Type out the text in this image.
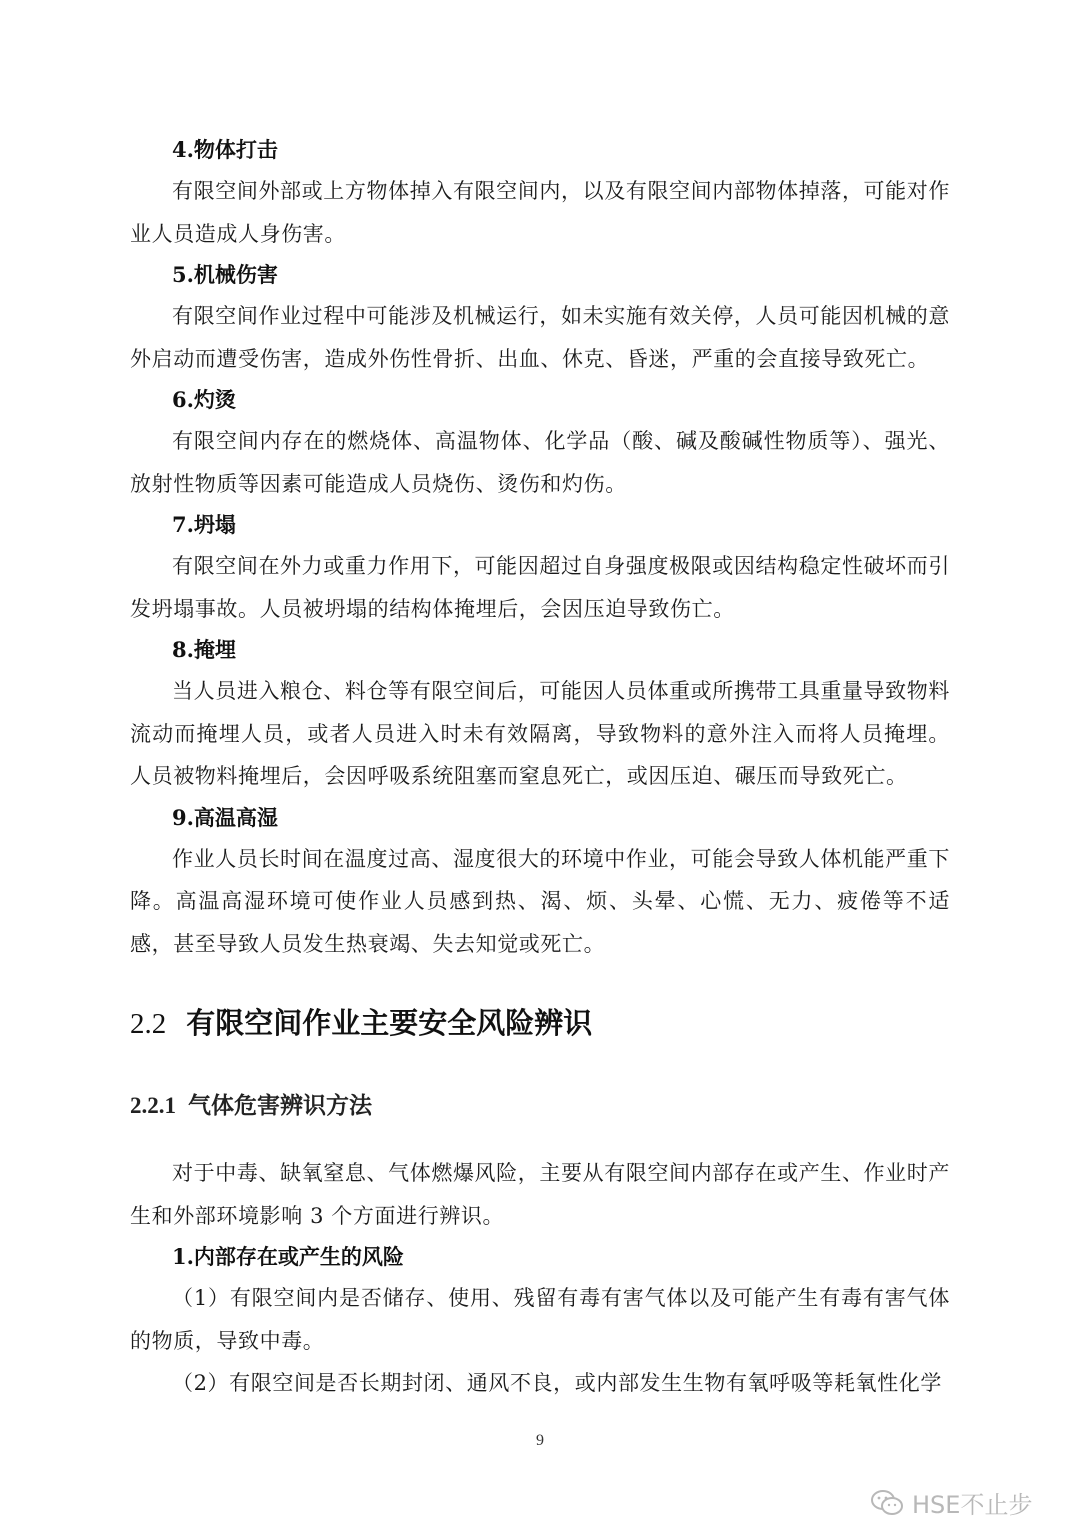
4.物体打击

有限空间外部或上方物体掉入有限空间内，以及有限空间内部物体掉落，可能对作业人员造成人身伤害。

5.机械伤害

有限空间作业过程中可能涉及机械运行，如未实施有效关停，人员可能因机械的意外启动而遭受伤害，造成外伤性骨折、出血、休克、昏迷，严重的会直接导致死亡。

6.灼烫

有限空间内存在的燃烧体、高温物体、化学品（酸、碱及酸碱性物质等）、强光、放射性物质等因素可能造成人员烧伤、烫伤和灼伤。

7.坍塌

有限空间在外力或重力作用下，可能因超过自身强度极限或因结构稳定性破坏而引发坍塌事故。人员被坍塌的结构体掩埋后，会因压迫导致伤亡。

8.掩埋

当人员进入粮仓、料仓等有限空间后，可能因人员体重或所携带工具重量导致物料流动而掩埋人员，或者人员进入时未有效隔离，导致物料的意外注入而将人员掩埋。人员被物料掩埋后，会因呼吸系统阻塞而窒息死亡，或因压迫、碾压而导致死亡。

9.高温高湿

作业人员长时间在温度过高、湿度很大的环境中作业，可能会导致人体机能严重下降。高温高湿环境可使作业人员感到热、渴、烦、头晕、心慌、无力、疲倦等不适感，甚至导致人员发生热衰竭、失去知觉或死亡。

2.2 有限空间作业主要安全风险辨识
2.2.1 气体危害辨识方法

对于中毒、缺氧窒息、气体燃爆风险，主要从有限空间内部存在或产生、作业时产生和外部环境影响 3 个方面进行辨识。

1.内部存在或产生的风险

（1）有限空间内是否储存、使用、残留有毒有害气体以及可能产生有毒有害气体的物质，导致中毒。

（2）有限空间是否长期封闭、通风不良，或内部发生生物有氧呼吸等耗氧性化学

9
HSE不止步
